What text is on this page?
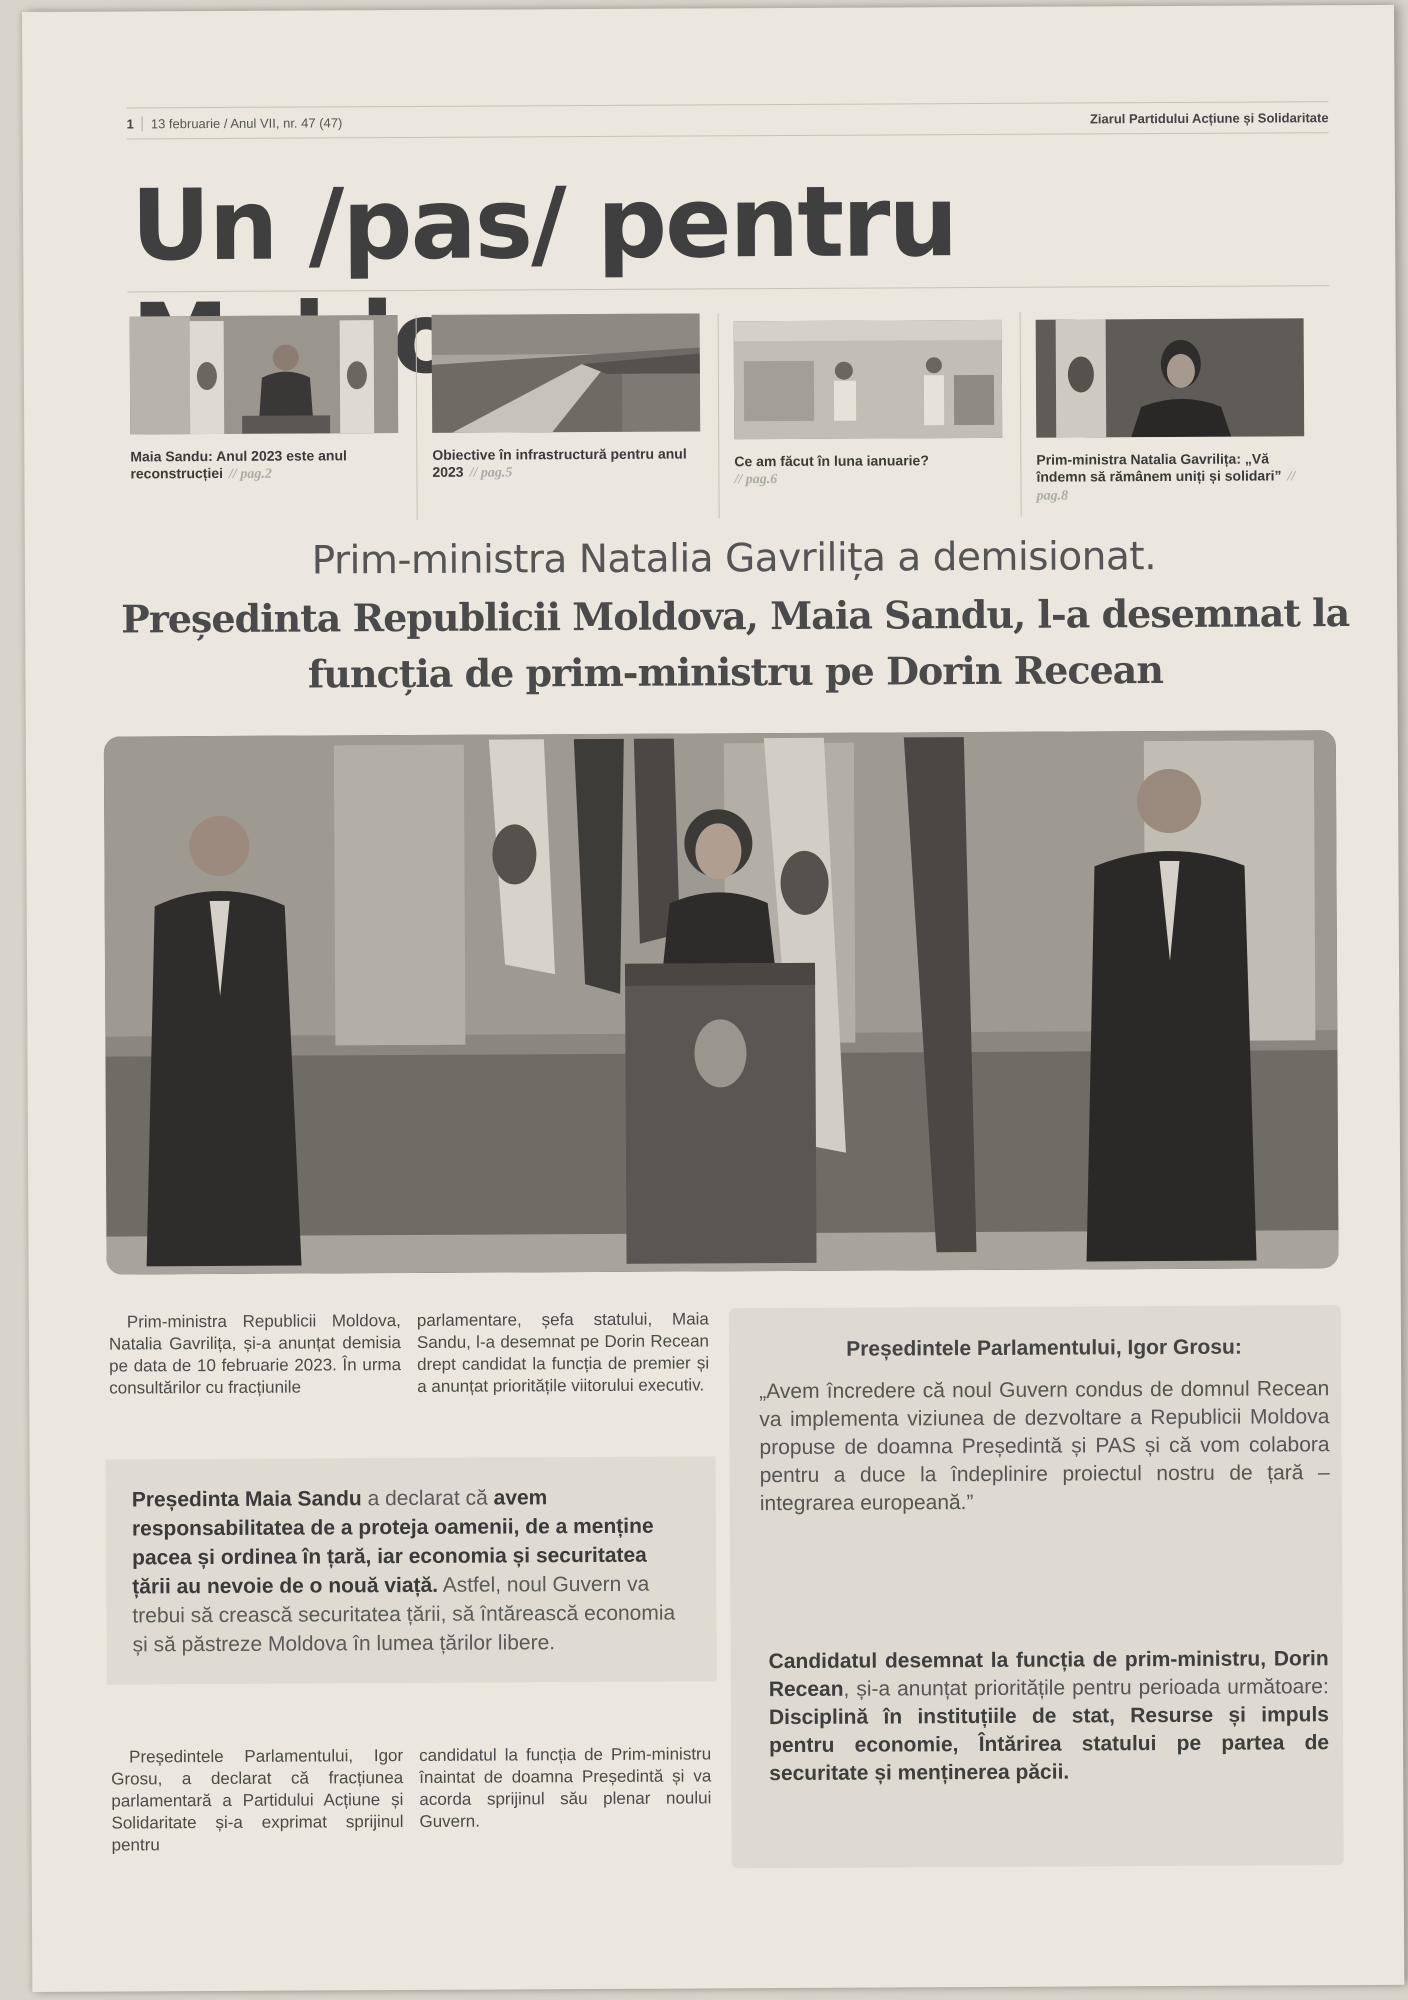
1	13 februarie / Anul VII, nr. 47 (47)	Ziarul Partidului Acțiune și Solidaritate
Un /pas/ pentru
Maia Sandu: Anul 2023 este anul reconstrucției // pag.2
Obiective în infrastructură pentru anul 2023 // pag.5
Ce am făcut în luna ianuarie?
// pag.6
Prim-ministra Natalia Gavrilița: „Vă îndemn să rămânem uniți și solidari” // pag.8
Prim-ministra Natalia Gavrilița a demisionat.
Președinta Republicii Moldova, Maia Sandu, l-a desemnat la funcția de prim-ministru pe Dorin Recean

Prim-ministra Republicii Moldova, Natalia Gavrilița, și-a anunțat demisia pe data de 10 februarie 2023. În urma consultărilor cu fracțiunile

parlamentare, șefa statului, Maia Sandu, l-a desemnat pe Dorin Recean drept candidat la funcția de premier și a anunțat prioritățile viitorului executiv.

Președinta Maia Sandu a declarat că avem responsabilitatea de a proteja oamenii, de a menține pacea și ordinea în țară, iar economia și securitatea țării au nevoie de o nouă viață. Astfel, noul Guvern va trebui să crească securitatea țării, să întărească economia și să păstreze Moldova în lumea țărilor libere.

Președintele Parlamentului, Igor Grosu, a declarat că fracțiunea parlamentară a Partidului Acțiune și Solidaritate și-a exprimat sprijinul pentru

candidatul la funcția de Prim-ministru înaintat de doamna Președintă și va acorda sprijinul său plenar noului Guvern.

Președintele Parlamentului, Igor Grosu:
„Avem încredere că noul Guvern condus de domnul Recean va implementa viziunea de dezvoltare a Republicii Moldova propuse de doamna Președintă și PAS și că vom colabora pentru a duce la îndeplinire proiectul nostru de țară – integrarea europeană.”
Candidatul desemnat la funcția de prim-ministru, Dorin Recean, și-a anunțat prioritățile pentru perioada următoare: Disciplină în instituțiile de stat, Resurse și impuls pentru economie, Întărirea statului pe partea de securitate și menținerea păcii.
